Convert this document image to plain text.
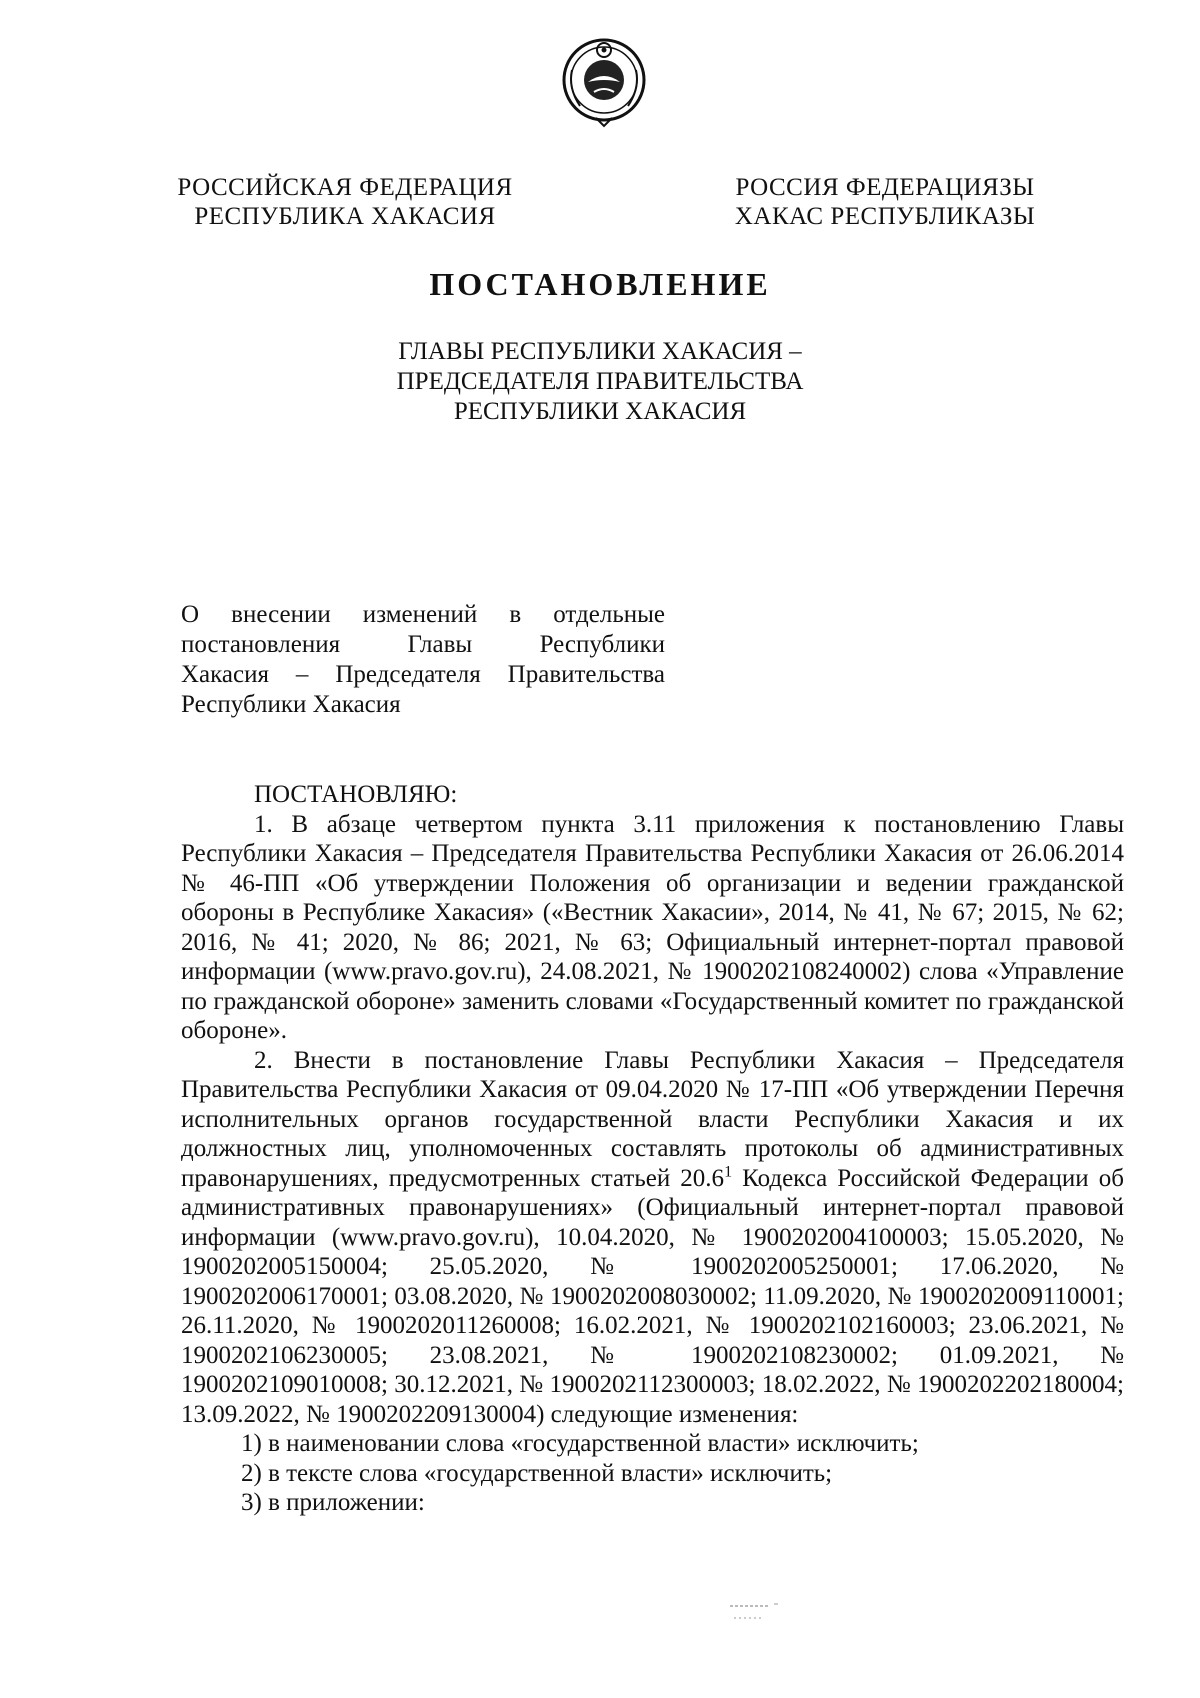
РОССИЙСКАЯ ФЕДЕРАЦИЯ
РЕСПУБЛИКА ХАКАСИЯ
РОССИЯ ФЕДЕРАЦИЯЗЫ
ХАКАС РЕСПУБЛИКАЗЫ
ПОСТАНОВЛЕНИЕ
ГЛАВЫ РЕСПУБЛИКИ ХАКАСИЯ –
ПРЕДСЕДАТЕЛЯ ПРАВИТЕЛЬСТВА
РЕСПУБЛИКИ ХАКАСИЯ
О внесении изменений в отдельные
постановления Главы Республики
Хакасия – Председателя Правительства
Республики Хакасия
ПОСТАНОВЛЯЮ:

1. В абзаце четвертом пункта 3.11 приложения к постановлению Главы Республики Хакасия – Председателя Правительства Республики Хакасия от 26.06.2014 № 46-ПП «Об утверждении Положения об организации и ведении гражданской обороны в Республике Хакасия» («Вестник Хакасии», 2014, № 41, № 67; 2015, № 62; 2016, № 41; 2020, № 86; 2021, № 63; Официальный интернет-портал правовой информации (www.pravo.gov.ru), 24.08.2021, № 1900202108240002) слова «Управление по гражданской обороне» заменить словами «Государственный комитет по гражданской обороне».

2. Внести в постановление Главы Республики Хакасия – Председателя Правительства Республики Хакасия от 09.04.2020 № 17-ПП «Об утверждении Перечня исполнительных органов государственной власти Республики Хакасия и их должностных лиц, уполномоченных составлять протоколы об административных правонарушениях, предусмотренных статьей 20.6$^1$ Кодекса Российской Федерации об административных правонарушениях» (Официальный интернет-портал правовой информации (www.pravo.gov.ru), 10.04.2020, № 1900202004100003; 15.05.2020, № 1900202005150004; 25.05.2020, № 1900202005250001; 17.06.2020, № 1900202006170001; 03.08.2020, № 1900202008030002; 11.09.2020, № 1900202009110001; 26.11.2020, № 1900202011260008; 16.02.2021, № 1900202102160003; 23.06.2021, № 1900202106230005; 23.08.2021, № 1900202108230002; 01.09.2021, № 1900202109010008; 30.12.2021, № 1900202112300003; 18.02.2022, № 1900202202180004; 13.09.2022, № 1900202209130004) следующие изменения:

1) в наименовании слова «государственной власти» исключить;
2) в тексте слова «государственной власти» исключить;
3) в приложении:
